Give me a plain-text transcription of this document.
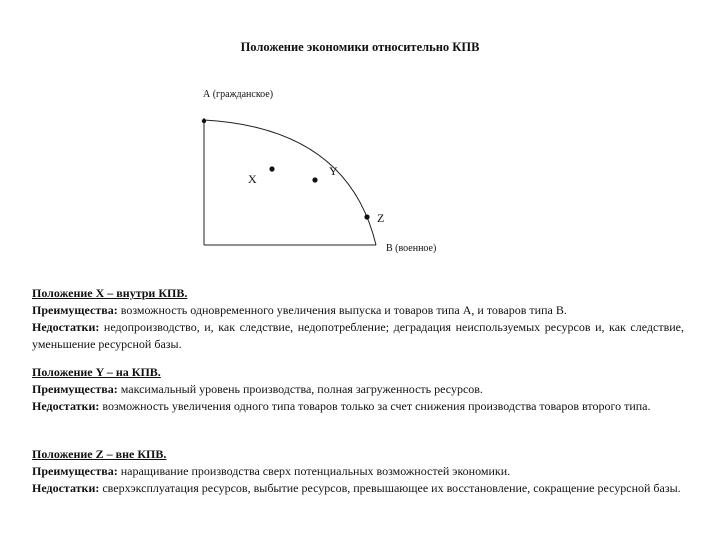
Положение экономики относительно КПВ
А (гражданское)
В (военное)
X
Y
Z

Положение X – внутри КПВ.

Преимущества: возможность одновременного увеличения выпуска и товаров типа А, и товаров типа В.

Недостатки: недопроизводство, и, как следствие, недопотребление; деградация неиспользуемых ресурсов и, как следствие, уменьшение ресурсной базы.

Положение Y – на КПВ.

Преимущества: максимальный уровень производства, полная загруженность ресурсов.

Недостатки: возможность увеличения одного типа товаров только за счет снижения производства товаров второго типа.

Положение Z – вне КПВ.

Преимущества: наращивание производства сверх потенциальных возможностей экономики.

Недостатки: сверхэксплуатация ресурсов, выбытие ресурсов, превышающее их восстановление, сокращение ресурсной базы.
